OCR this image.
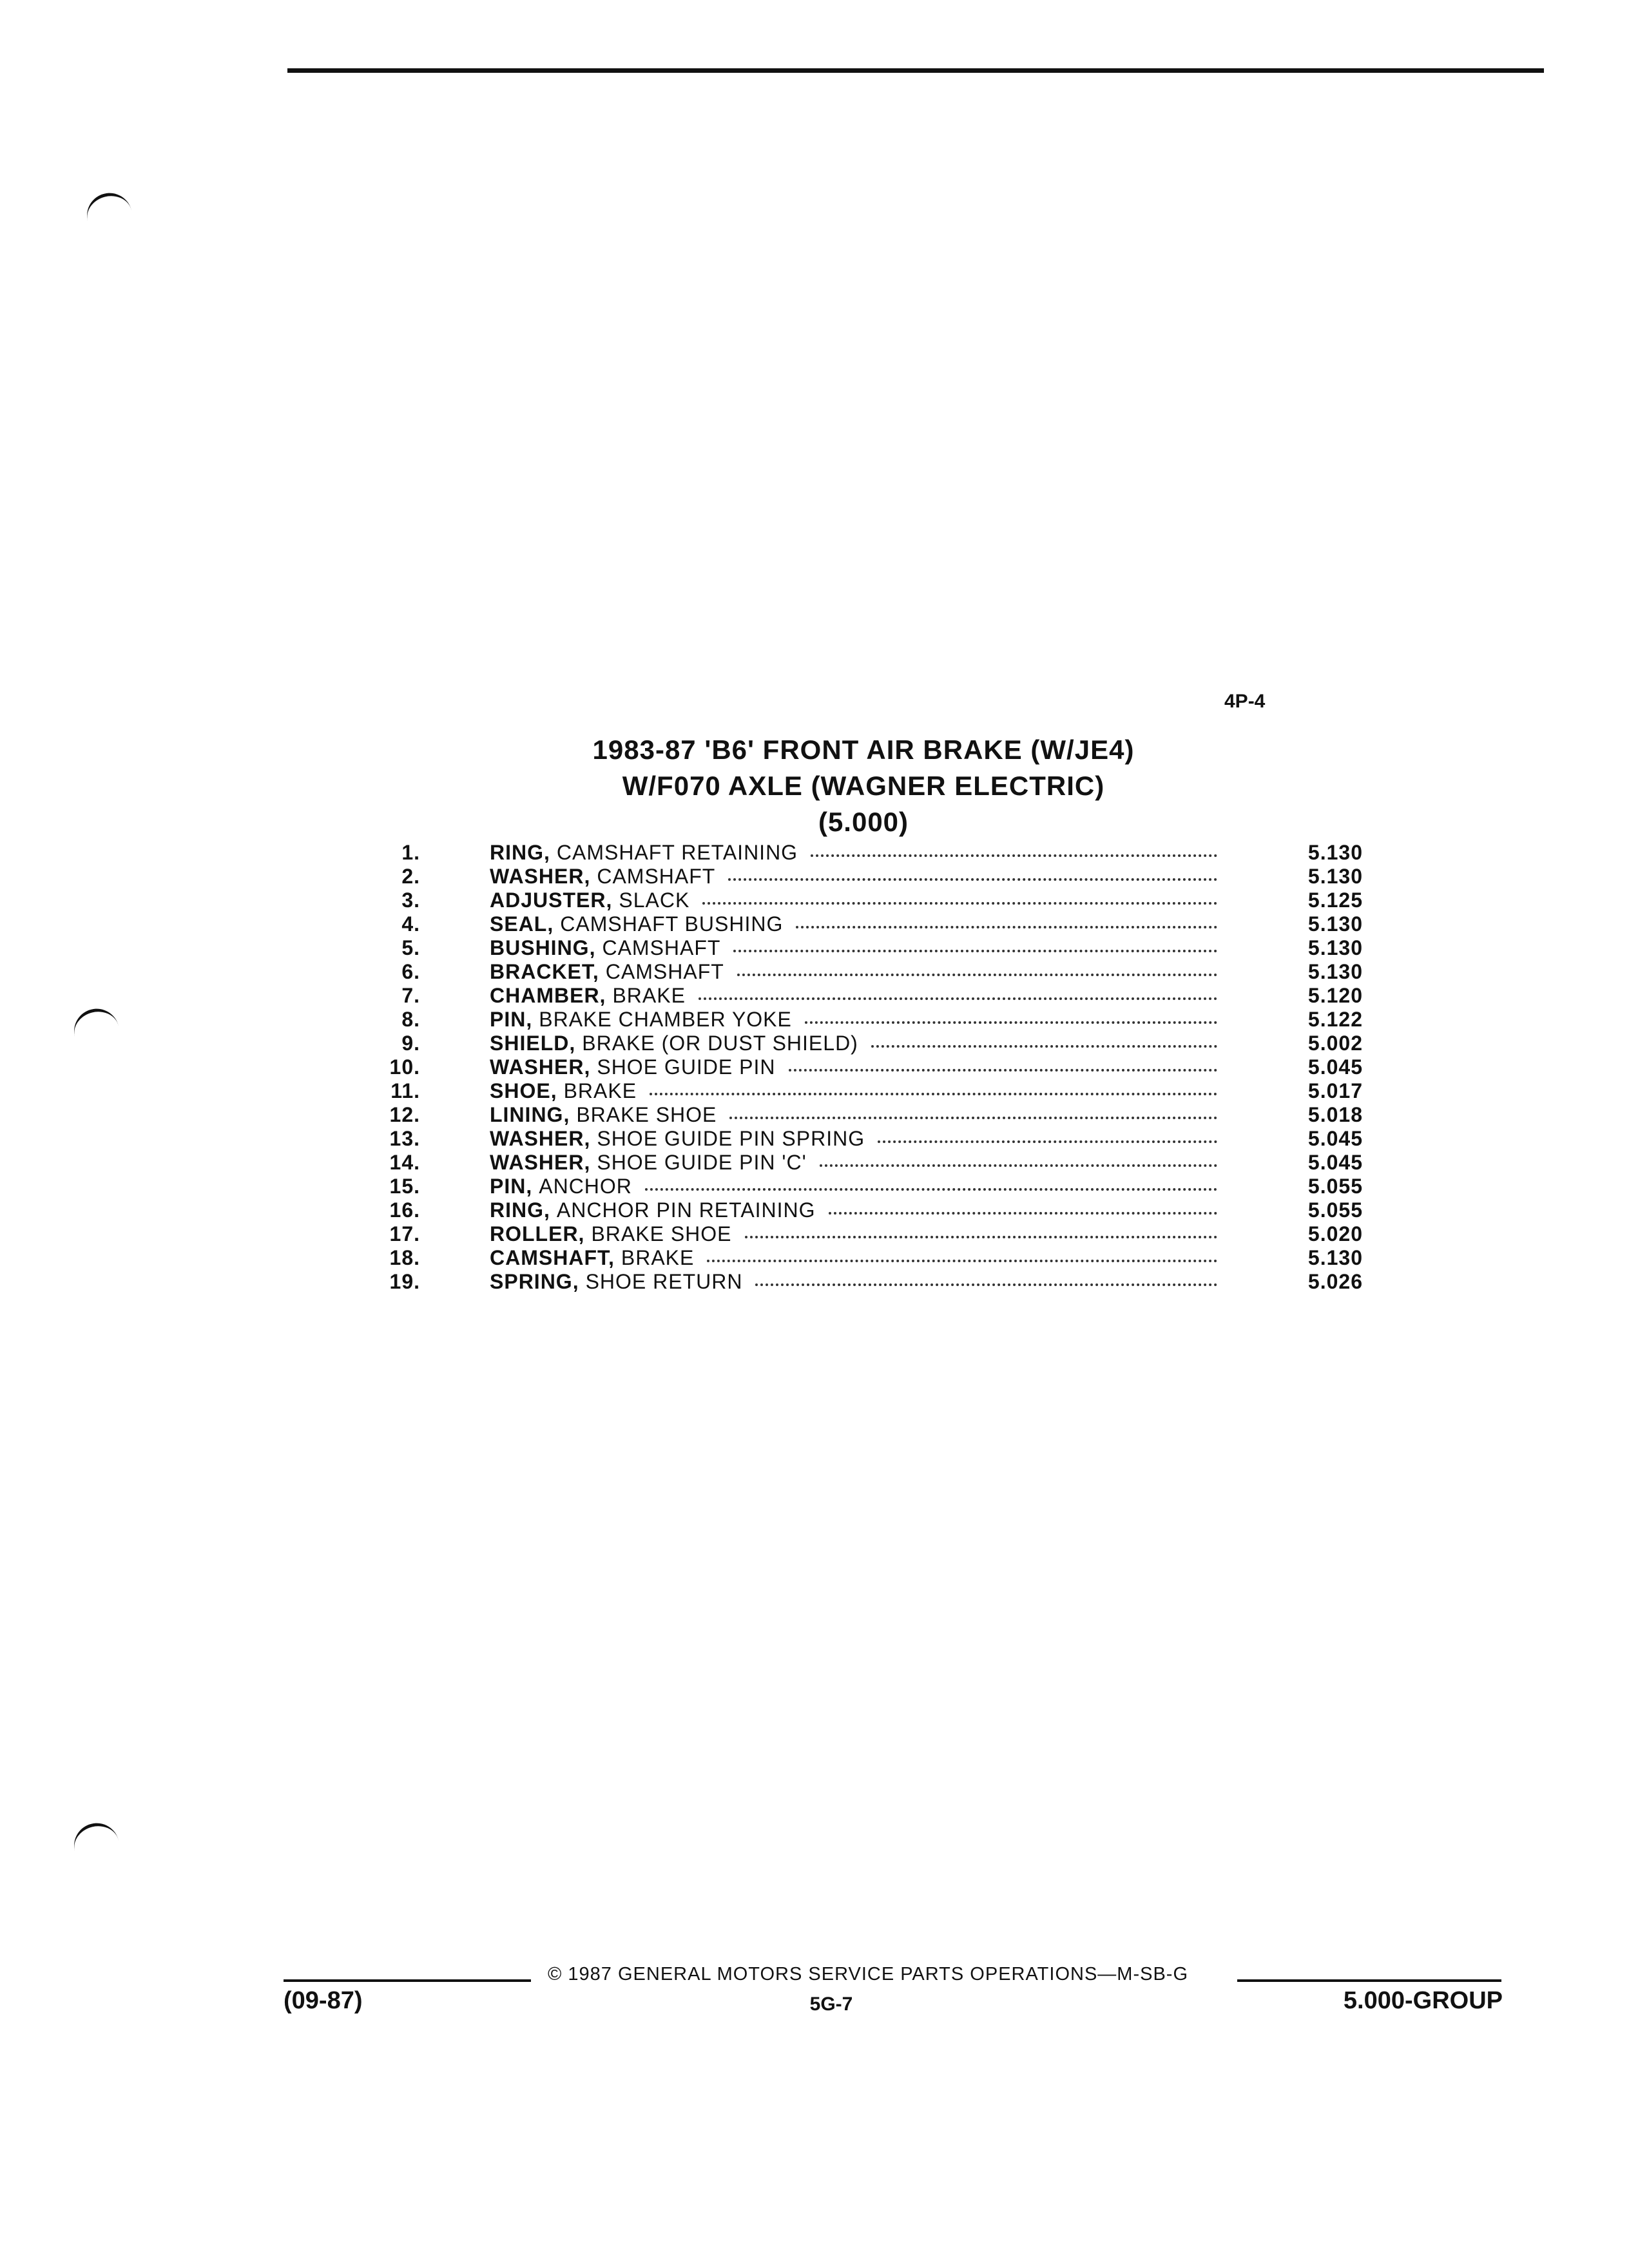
4P-4
1983-87 'B6' FRONT AIR BRAKE (W/JE4)
W/F070 AXLE (WAGNER ELECTRIC)
(5.000)
1.	RING, CAMSHAFT RETAINING	5.130
2.	WASHER, CAMSHAFT	5.130
3.	ADJUSTER, SLACK	5.125
4.	SEAL, CAMSHAFT BUSHING	5.130
5.	BUSHING, CAMSHAFT	5.130
6.	BRACKET, CAMSHAFT	5.130
7.	CHAMBER, BRAKE	5.120
8.	PIN, BRAKE CHAMBER YOKE	5.122
9.	SHIELD, BRAKE (OR DUST SHIELD)	5.002
10.	WASHER, SHOE GUIDE PIN	5.045
11.	SHOE, BRAKE	5.017
12.	LINING, BRAKE SHOE	5.018
13.	WASHER, SHOE GUIDE PIN SPRING	5.045
14.	WASHER, SHOE GUIDE PIN 'C'	5.045
15.	PIN, ANCHOR	5.055
16.	RING, ANCHOR PIN RETAINING	5.055
17.	ROLLER, BRAKE SHOE	5.020
18.	CAMSHAFT, BRAKE	5.130
19.	SPRING, SHOE RETURN	5.026
© 1987 GENERAL MOTORS SERVICE PARTS OPERATIONS—M-SB-G
(09-87)	5G-7	5.000-GROUP
